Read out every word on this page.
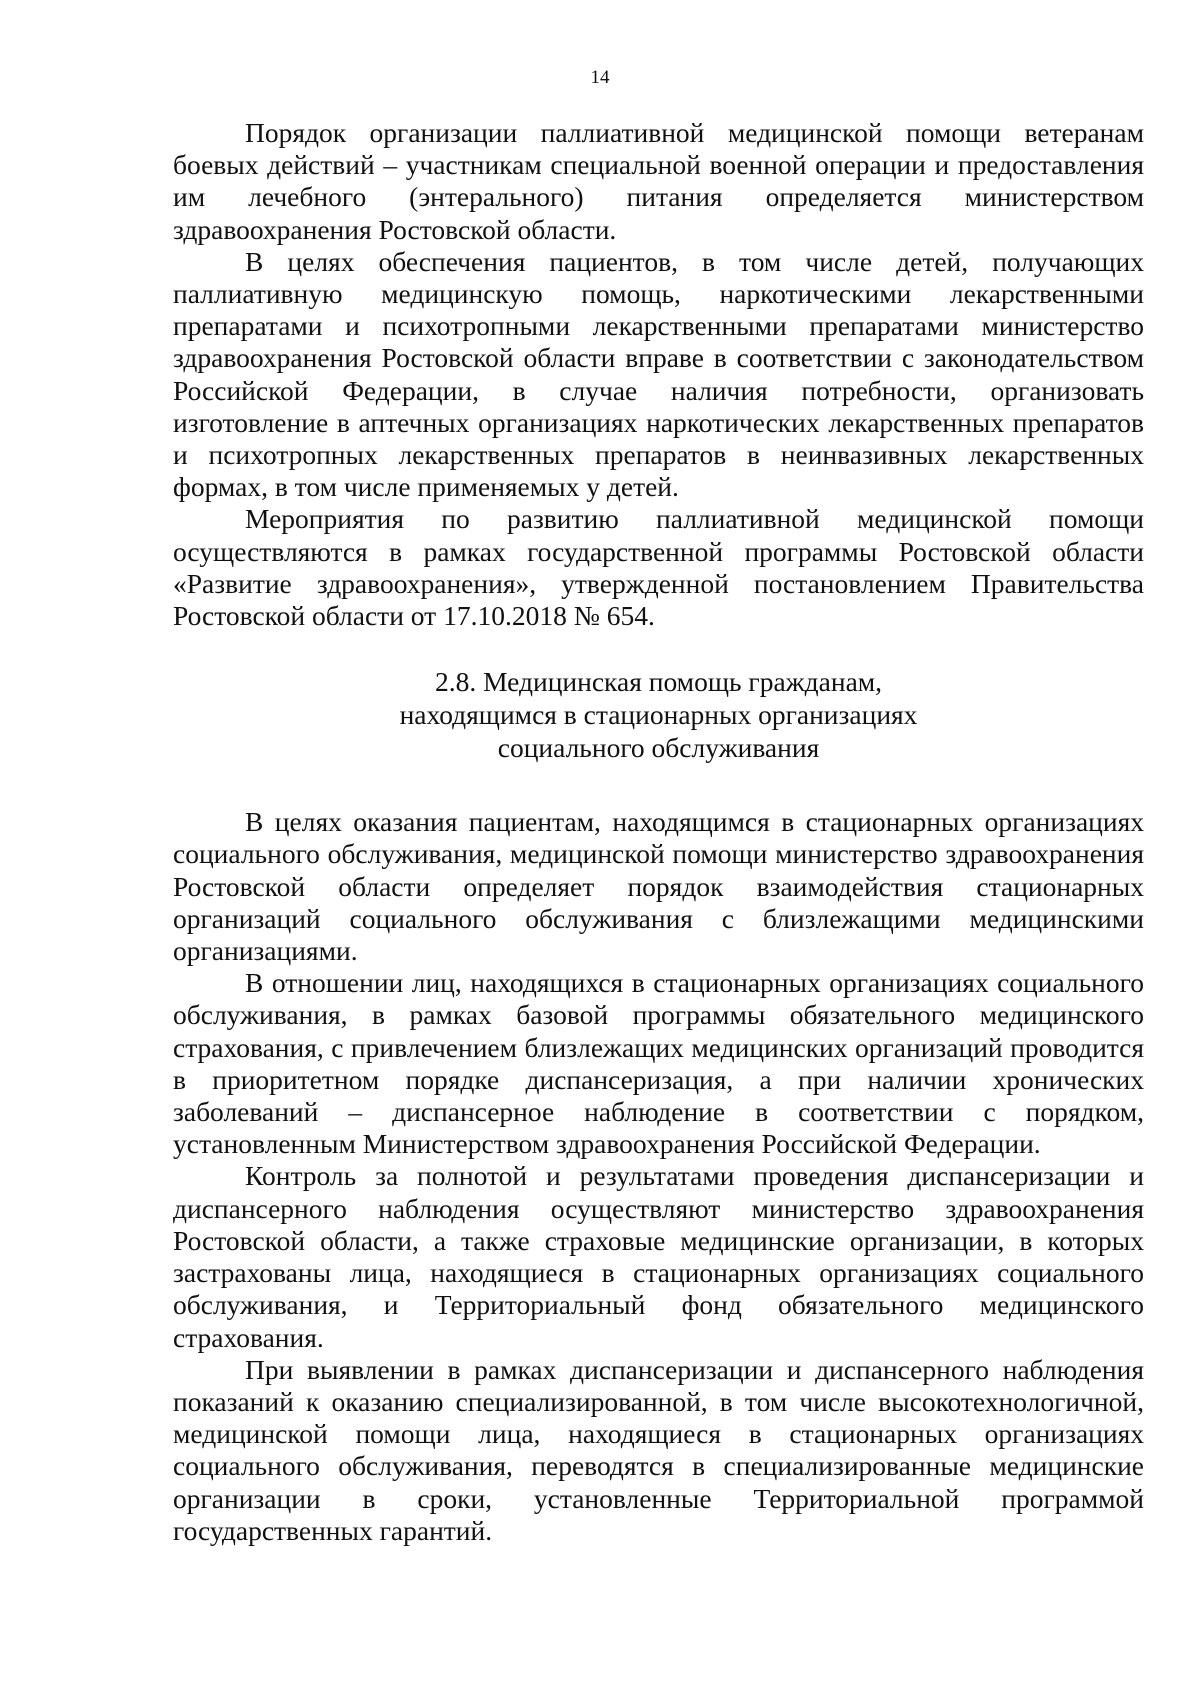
14

Порядок организации паллиативной медицинской помощи ветеранам боевых действий – участникам специальной военной операции и предоставления им лечебного (энтерального) питания определяется министерством здравоохранения Ростовской области.

В целях обеспечения пациентов, в том числе детей, получающих паллиативную медицинскую помощь, наркотическими лекарственными препаратами и психотропными лекарственными препаратами министерство здравоохранения Ростовской области вправе в соответствии с законодательством Российской Федерации, в случае наличия потребности, организовать изготовление в аптечных организациях наркотических лекарственных препаратов и психотропных лекарственных препаратов в неинвазивных лекарственных формах, в том числе применяемых у детей.

Мероприятия по развитию паллиативной медицинской помощи осуществляются в рамках государственной программы Ростовской области «Развитие здравоохранения», утвержденной постановлением Правительства Ростовской области от 17.10.2018 № 654.

2.8. Медицинская помощь гражданам,
находящимся в стационарных организациях
социального обслуживания

В целях оказания пациентам, находящимся в стационарных организациях социального обслуживания, медицинской помощи министерство здравоохранения Ростовской области определяет порядок взаимодействия стационарных организаций социального обслуживания с близлежащими медицинскими организациями.

В отношении лиц, находящихся в стационарных организациях социального обслуживания, в рамках базовой программы обязательного медицинского страхования, с привлечением близлежащих медицинских организаций проводится в приоритетном порядке диспансеризация, а при наличии хронических заболеваний – диспансерное наблюдение в соответствии с порядком, установленным Министерством здравоохранения Российской Федерации.

Контроль за полнотой и результатами проведения диспансеризации и диспансерного наблюдения осуществляют министерство здравоохранения Ростовской области, а также страховые медицинские организации, в которых застрахованы лица, находящиеся в стационарных организациях социального обслуживания, и Территориальный фонд обязательного медицинского страхования.

При выявлении в рамках диспансеризации и диспансерного наблюдения показаний к оказанию специализированной, в том числе высокотехнологичной, медицинской помощи лица, находящиеся в стационарных организациях социального обслуживания, переводятся в специализированные медицинские организации в сроки, установленные Территориальной программой государственных гарантий.
